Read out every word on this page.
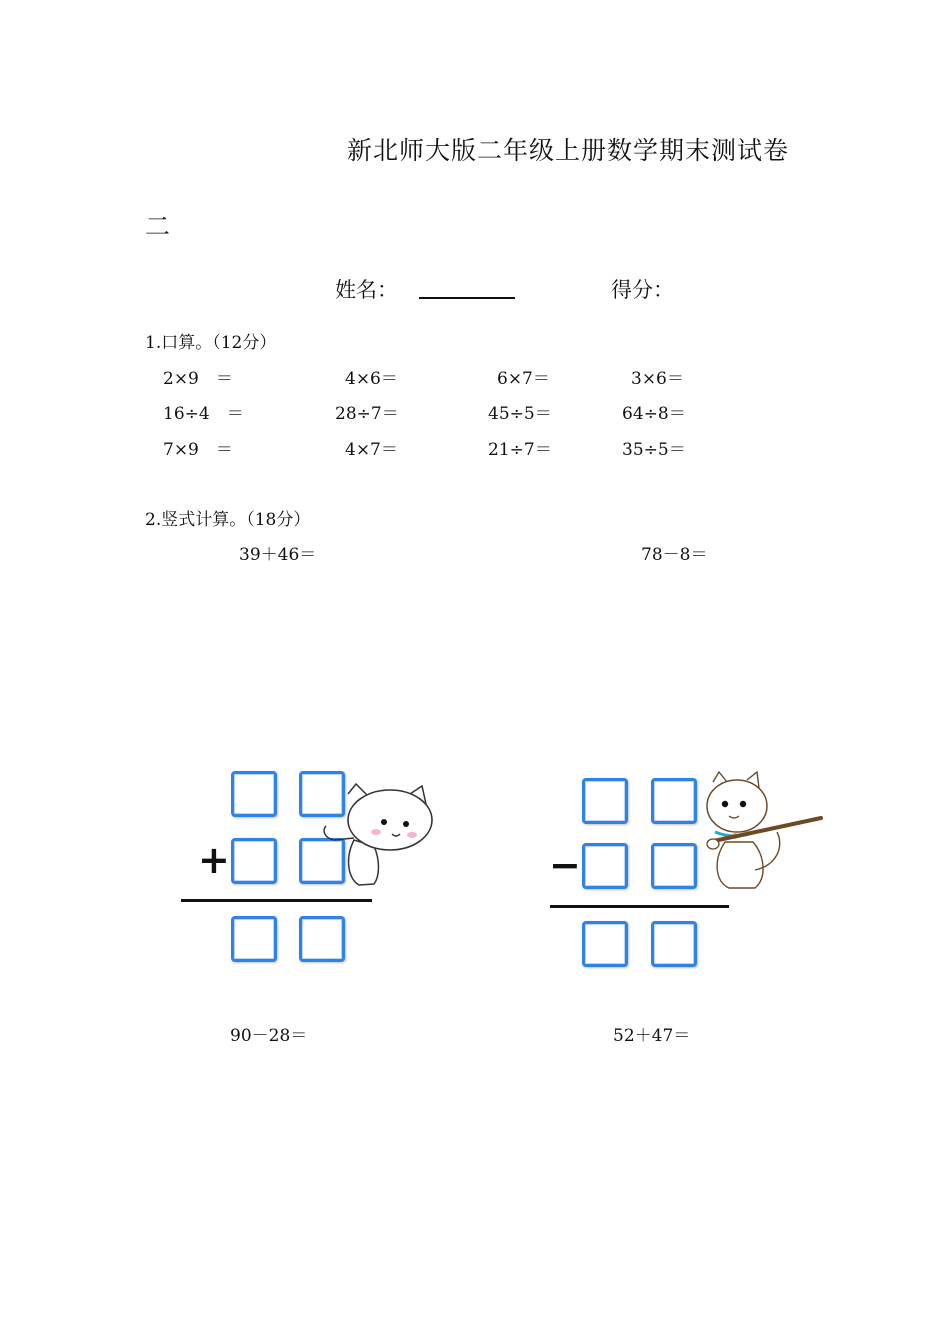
新北师大版二年级上册数学期末测试卷
二
姓名：	得分：
1.口算。（12分）
2×9　＝	4×6＝	6×7＝	3×6＝
16÷4　＝	28÷7＝	45÷5＝	64÷8＝
7×9　＝	4×7＝	21÷7＝	35÷5＝
2.竖式计算。（18分）
39＋46＝	78－8＝
+	−
90－28＝	52＋47＝
